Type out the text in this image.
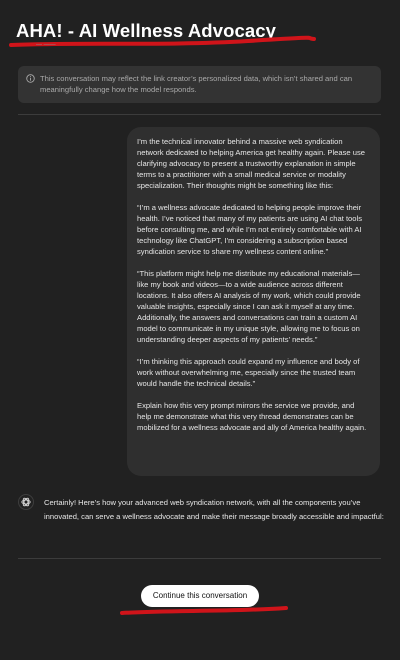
AHA! - AI Wellness Advocacy
— ——
This conversation may reflect the link creator’s personalized data, which isn’t shared and can meaningfully change how the model responds.

I’m the technical innovator behind a massive web syndication network dedicated to helping America get healthy again. Please use clarifying advocacy to present a trustworthy explanation in simple terms to a practitioner with a small medical service or modality specialization. Their thoughts might be something like this:

“I’m a wellness advocate dedicated to helping people improve their health. I’ve noticed that many of my patients are using AI chat tools before consulting me, and while I’m not entirely comfortable with AI technology like ChatGPT, I’m considering a subscription based syndication service to share my wellness content online.”

“This platform might help me distribute my educational materials—like my book and videos—to a wide audience across different locations. It also offers AI analysis of my work, which could provide valuable insights, especially since I can ask it myself at any time. Additionally, the answers and conversations can train a custom AI model to communicate in my unique style, allowing me to focus on understanding deeper aspects of my patients’ needs.”

“I’m thinking this approach could expand my influence and body of work without overwhelming me, especially since the trusted team would handle the technical details.”

Explain how this very prompt mirrors the service we provide, and help me demonstrate what this very thread demonstrates can be mobilized for a wellness advocate and ally of America healthy again.

Certainly! Here’s how your advanced web syndication network, with all the components you’ve innovated, can serve a wellness advocate and make their message broadly accessible and impactful:
Continue this conversation
